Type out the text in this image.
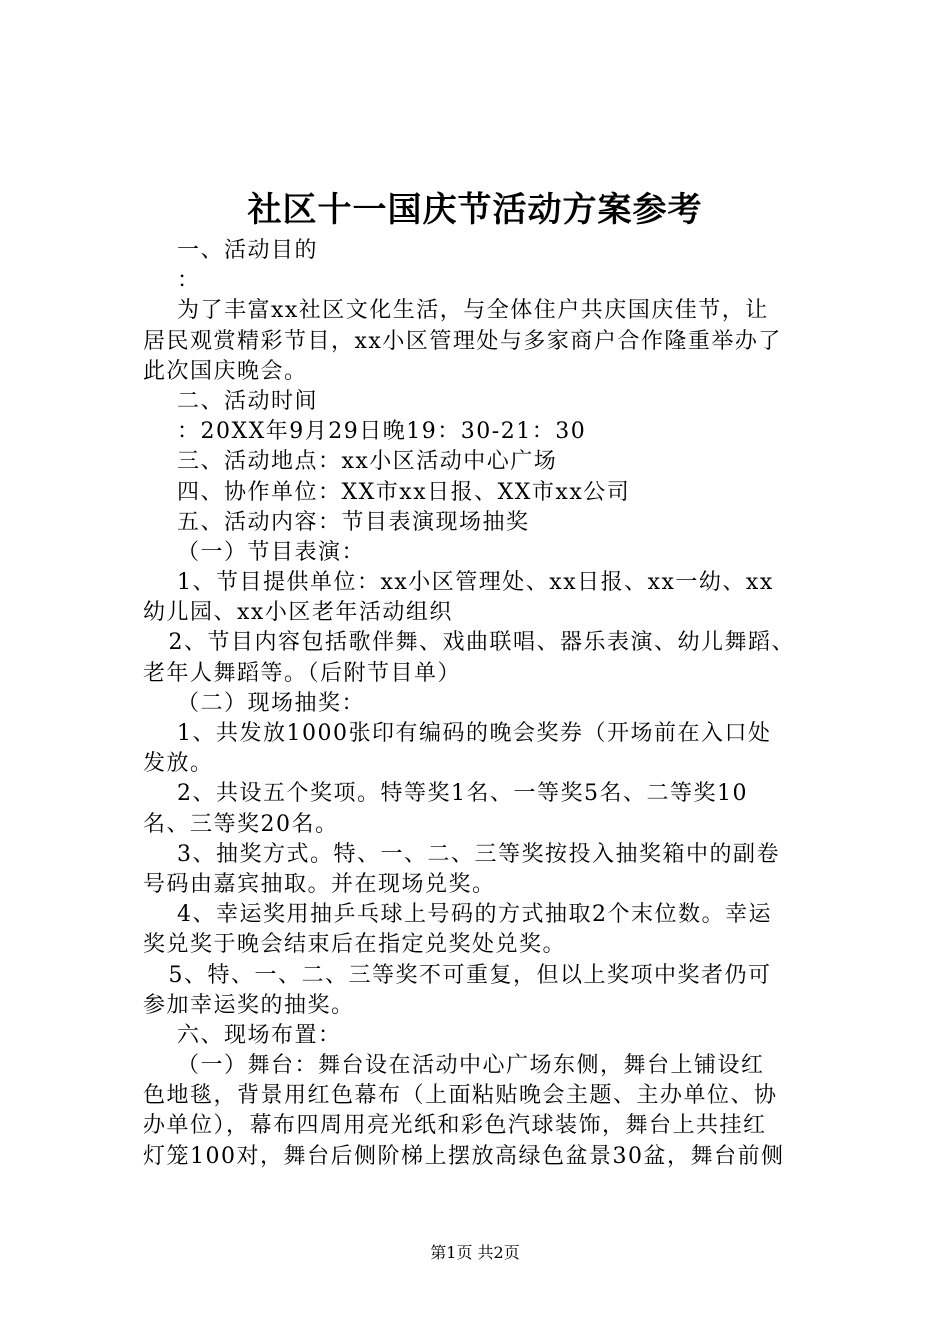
社区十一国庆节活动方案参考
一、活动目的
：
为了丰富xx社区文化生活，与全体住户共庆国庆佳节，让
居民观赏精彩节目，xx小区管理处与多家商户合作隆重举办了
此次国庆晚会。
二、活动时间
：20XX年9月29日晚19：30-21：30
三、活动地点：xx小区活动中心广场
四、协作单位：XX市xx日报、XX市xx公司
五、活动内容：节目表演现场抽奖
（一）节目表演：
1、节目提供单位：xx小区管理处、xx日报、xx一幼、xx
幼儿园、xx小区老年活动组织
2、节目内容包括歌伴舞、戏曲联唱、器乐表演、幼儿舞蹈、
老年人舞蹈等。（后附节目单）
（二）现场抽奖：
1、共发放1000张印有编码的晚会奖券（开场前在入口处
发放。
2、共设五个奖项。特等奖1名、一等奖5名、二等奖10
名、三等奖20名。
3、抽奖方式。特、一、二、三等奖按投入抽奖箱中的副卷
号码由嘉宾抽取。并在现场兑奖。
4、幸运奖用抽乒乓球上号码的方式抽取2个末位数。幸运
奖兑奖于晚会结束后在指定兑奖处兑奖。
5、特、一、二、三等奖不可重复，但以上奖项中奖者仍可
参加幸运奖的抽奖。
六、现场布置：
（一）舞台：舞台设在活动中心广场东侧，舞台上铺设红
色地毯，背景用红色幕布（上面粘贴晚会主题、主办单位、协
办单位），幕布四周用亮光纸和彩色汽球装饰，舞台上共挂红
灯笼100对，舞台后侧阶梯上摆放高绿色盆景30盆，舞台前侧
第1页 共2页
